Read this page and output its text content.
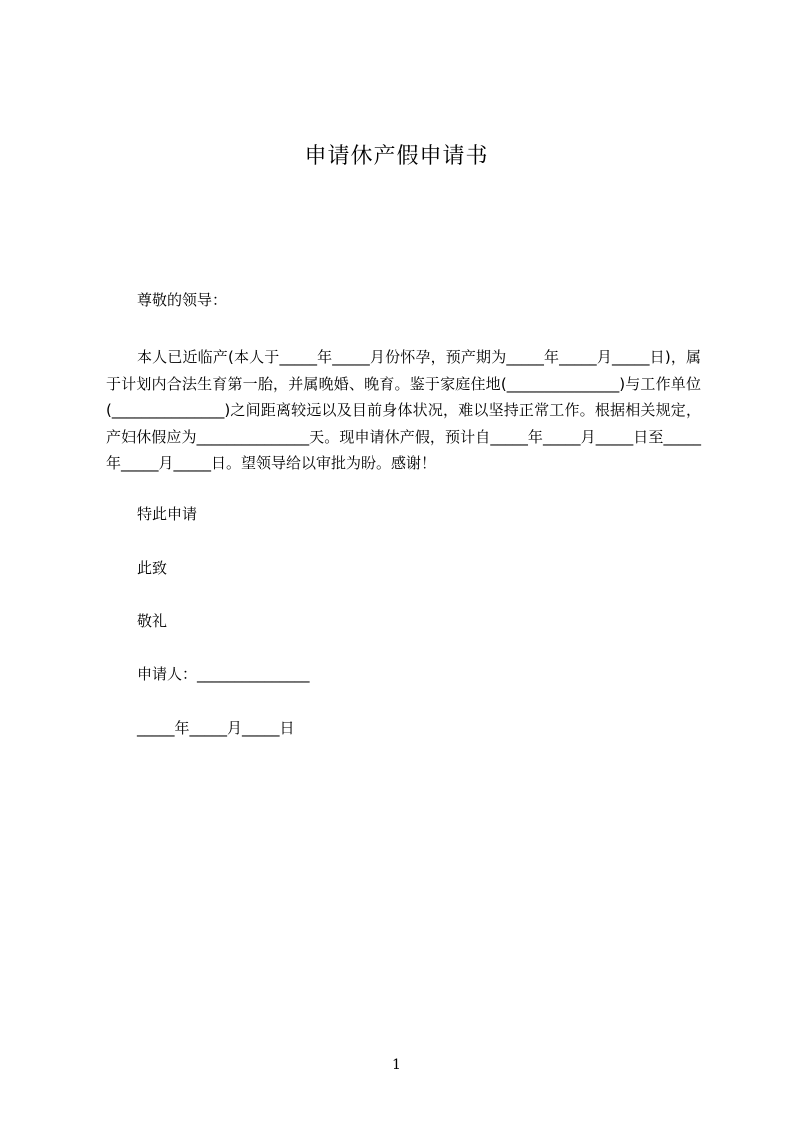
申请休产假申请书
尊敬的领导：
本人已近临产(本人于_____年_____月份怀孕，预产期为_____年_____月_____日)，属于计划内合法生育第一胎，并属晚婚、晚育。鉴于家庭住地(_______________)与工作单位(_______________)之间距离较远以及目前身体状况，难以坚持正常工作。根据相关规定，产妇休假应为_______________天。现申请休产假，预计自_____年_____月_____日至_____年_____月_____日。望领导给以审批为盼。感谢！
特此申请
此致
敬礼
申请人：_______________
_____年_____月_____日
1
